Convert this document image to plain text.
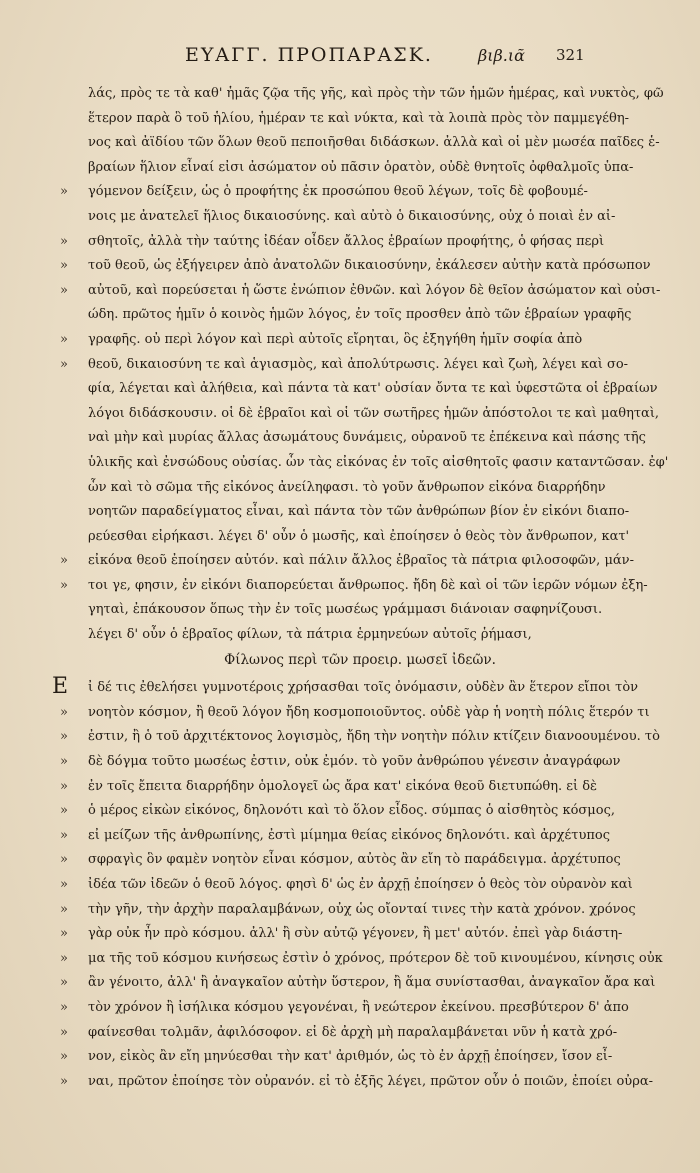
ΕΥΑΓΓ. ΠΡΟΠΑΡΑΣΚ.	βιβ.ιᾶ 321
λάς, πρὸς τε τὰ καθ' ἡμᾶς ζῷα τῆς γῆς, καὶ πρὸς τὴν τῶν ἡμῶν ἡμέρας, καὶ νυκτὸς, φῶ
ἕτερον παρὰ ὃ τοῦ ἡλίου, ἡμέραν τε καὶ νύκτα, καὶ τὰ λοιπὰ πρὸς τὸν παμμεγέθη-
νος καὶ ἀϊδίου τῶν ὅλων θεοῦ πεποιῆσθαι διδάσκων. ἀλλὰ καὶ οἱ μὲν μωσέα παῖδες ἑ-
βραίων ἥλιον εἶναί εἰσι ἀσώματον οὐ πᾶσιν ὁρατὸν, οὐδὲ θνητοῖς ὀφθαλμοῖς ὑπα-
»	γόμενον δείξειν, ὡς ὁ προφήτης ἐκ προσώπου θεοῦ λέγων, τοῖς δὲ φοβουμέ-
νοις με ἀνατελεῖ ἥλιος δικαιοσύνης. καὶ αὐτὸ ὁ δικαιοσύνης, οὐχ ὁ ποιαὶ ἐν αἰ-
»	σθητοῖς, ἀλλὰ τὴν ταύτης ἰδέαν οἶδεν ἄλλος ἑβραίων προφήτης, ὁ φήσας περὶ
»	τοῦ θεοῦ, ὡς ἐξήγειρεν ἀπὸ ἀνατολῶν δικαιοσύνην, ἐκάλεσεν αὐτὴν κατὰ πρόσωπον
»	αὐτοῦ, καὶ πορεύσεται ἡ ὥστε ἐνώπιον ἐθνῶν. καὶ λόγον δὲ θεῖον ἀσώματον καὶ οὐσι-
ώδη. πρῶτος ἡμῖν ὁ κοινὸς ἡμῶν λόγος, ἐν τοῖς προσθεν ἀπὸ τῶν ἑβραίων γραφῆς
»	γραφῆς. οὐ περὶ λόγον καὶ περὶ αὐτοῖς εἴρηται, ὃς ἐξηγήθη ἡμῖν σοφία ἀπὸ
»	θεοῦ, δικαιοσύνη τε καὶ ἁγιασμὸς, καὶ ἀπολύτρωσις. λέγει καὶ ζωὴ, λέγει καὶ σο-
φία, λέγεται καὶ ἀλήθεια, καὶ πάντα τὰ κατ' οὐσίαν ὄντα τε καὶ ὑφεστῶτα οἱ ἑβραίων
λόγοι διδάσκουσιν. οἱ δὲ ἑβραῖοι καὶ οἱ τῶν σωτῆρες ἡμῶν ἀπόστολοι τε καὶ μαθηταὶ,
ναὶ μὴν καὶ μυρίας ἄλλας ἀσωμάτους δυνάμεις, οὐρανοῦ τε ἐπέκεινα καὶ πάσης τῆς
ὑλικῆς καὶ ἐνσώδους οὐσίας. ὧν τὰς εἰκόνας ἐν τοῖς αἰσθητοῖς φασιν καταντῶσαν. ἐφ'
ὧν καὶ τὸ σῶμα τῆς εἰκόνος ἀνείληφασι. τὸ γοῦν ἄνθρωπον εἰκόνα διαρρήδην
νοητῶν παραδείγματος εἶναι, καὶ πάντα τὸν τῶν ἀνθρώπων βίον ἐν εἰκόνι διαπο-
ρεύεσθαι εἰρήκασι. λέγει δ' οὖν ὁ μωσῆς, καὶ ἐποίησεν ὁ θεὸς τὸν ἄνθρωπον, κατ'
»	εἰκόνα θεοῦ ἐποίησεν αὐτόν. καὶ πάλιν ἄλλος ἑβραῖος τὰ πάτρια φιλοσοφῶν, μάν-
»	τοι γε, φησιν, ἐν εἰκόνι διαπορεύεται ἄνθρωπος. ἤδη δὲ καὶ οἱ τῶν ἱερῶν νόμων ἐξη-
γηταὶ, ἐπάκουσον ὅπως τὴν ἐν τοῖς μωσέως γράμμασι διάνοιαν σαφηνίζουσι.
λέγει δ' οὖν ὁ ἑβραῖος φίλων, τὰ πάτρια ἑρμηνεύων αὐτοῖς ῥήμασι,
Φίλωνος περὶ τῶν προειρ. μωσεῖ ἰδεῶν.
Ε ἰ δέ τις ἐθελήσει γυμνοτέροις χρήσασθαι τοῖς ὀνόμασιν, οὐδὲν ἂν ἕτερον εἴποι τὸν
»	νοητὸν κόσμον, ἢ θεοῦ λόγον ἤδη κοσμοποιοῦντος. οὐδὲ γὰρ ἡ νοητὴ πόλις ἕτερόν τι
»	ἐστιν, ἢ ὁ τοῦ ἀρχιτέκτονος λογισμὸς, ἤδη τὴν νοητὴν πόλιν κτίζειν διανοουμένου. τὸ
»	δὲ δόγμα τοῦτο μωσέως ἐστιν, οὐκ ἐμόν. τὸ γοῦν ἀνθρώπου γένεσιν ἀναγράφων
»	ἐν τοῖς ἔπειτα διαρρήδην ὁμολογεῖ ὡς ἄρα κατ' εἰκόνα θεοῦ διετυπώθη. εἰ δὲ
»	ὁ μέρος εἰκὼν εἰκόνος, δηλονότι καὶ τὸ ὅλον εἶδος. σύμπας ὁ αἰσθητὸς κόσμος,
»	εἰ μείζων τῆς ἀνθρωπίνης, ἐστὶ μίμημα θείας εἰκόνος δηλονότι. καὶ ἀρχέτυπος
»	σφραγὶς ὃν φαμὲν νοητὸν εἶναι κόσμον, αὐτὸς ἂν εἴη τὸ παράδειγμα. ἀρχέτυπος
»	ἰδέα τῶν ἰδεῶν ὁ θεοῦ λόγος. φησὶ δ' ὡς ἐν ἀρχῇ ἐποίησεν ὁ θεὸς τὸν οὐρανὸν καὶ
»	τὴν γῆν, τὴν ἀρχὴν παραλαμβάνων, οὐχ ὡς οἴονταί τινες τὴν κατὰ χρόνον. χρόνος
»	γὰρ οὐκ ἦν πρὸ κόσμου. ἀλλ' ἢ σὺν αὐτῷ γέγονεν, ἢ μετ' αὐτόν. ἐπεὶ γὰρ διάστη-
»	μα τῆς τοῦ κόσμου κινήσεως ἐστὶν ὁ χρόνος, πρότερον δὲ τοῦ κινουμένου, κίνησις οὐκ
»	ἂν γένοιτο, ἀλλ' ἢ ἀναγκαῖον αὐτὴν ὕστερον, ἢ ἅμα συνίστασθαι, ἀναγκαῖον ἄρα καὶ
»	τὸν χρόνον ἢ ἰσήλικα κόσμου γεγονέναι, ἢ νεώτερον ἐκείνου. πρεσβύτερον δ' ἀπο
»	φαίνεσθαι τολμᾶν, ἀφιλόσοφον. εἰ δὲ ἀρχὴ μὴ παραλαμβάνεται νῦν ἡ κατὰ χρό-
»	νον, εἰκὸς ἂν εἴη μηνύεσθαι τὴν κατ' ἀριθμόν, ὡς τὸ ἐν ἀρχῇ ἐποίησεν, ἴσον εἶ-
»	ναι, πρῶτον ἐποίησε τὸν οὐρανόν. εἰ τὸ ἑξῆς λέγει, πρῶτον οὖν ὁ ποιῶν, ἐποίει οὐρα-
